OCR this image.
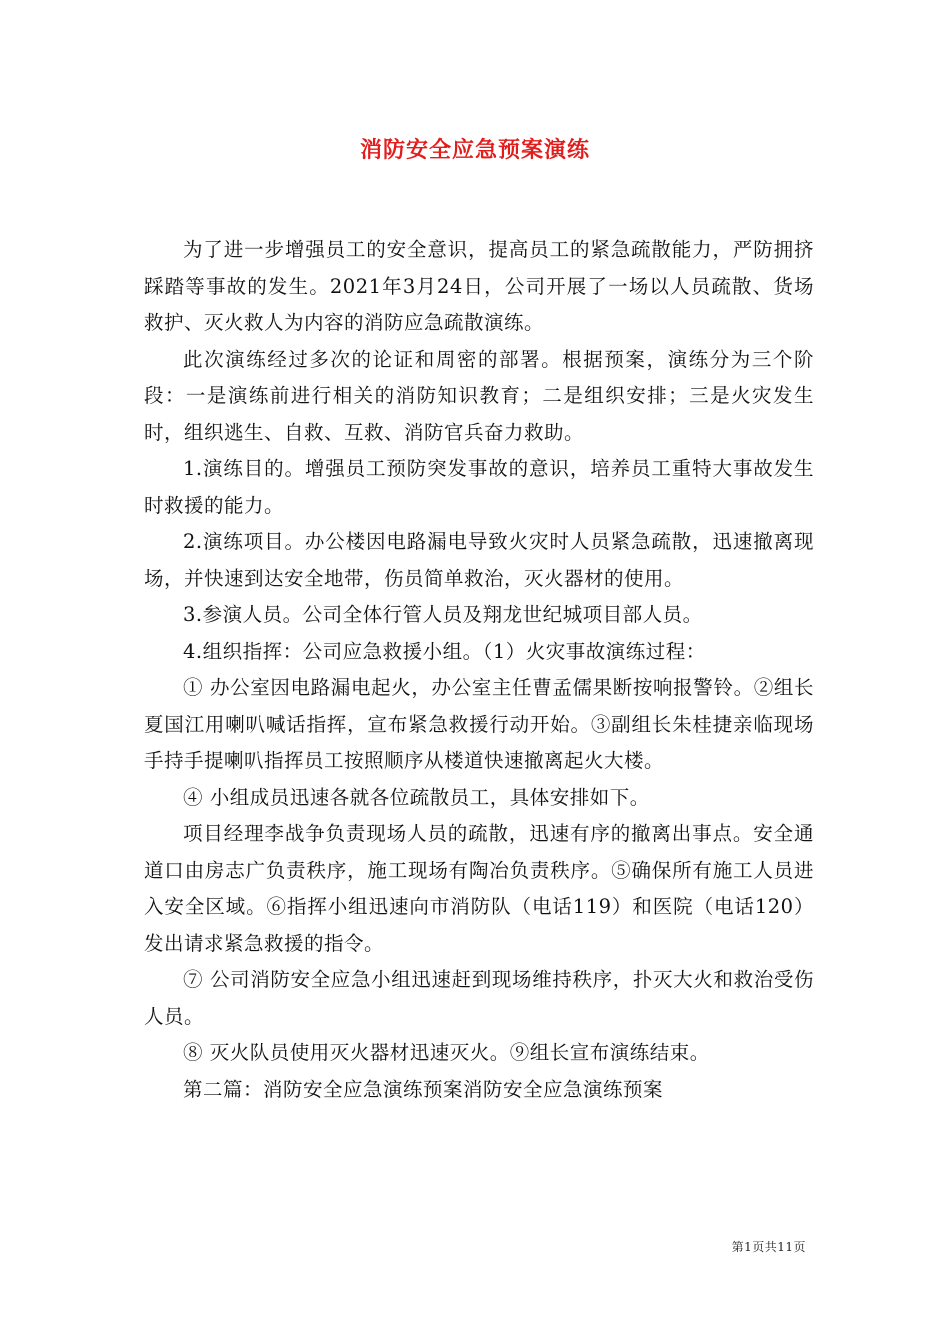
消防安全应急预案演练

为了进一步增强员工的安全意识，提高员工的紧急疏散能力，严防拥挤踩踏等事故的发生。2021年3月24日，公司开展了一场以人员疏散、货场救护、灭火救人为内容的消防应急疏散演练。

此次演练经过多次的论证和周密的部署。根据预案，演练分为三个阶段：一是演练前进行相关的消防知识教育；二是组织安排；三是火灾发生时，组织逃生、自救、互救、消防官兵奋力救助。

1.演练目的。增强员工预防突发事故的意识，培养员工重特大事故发生时救援的能力。

2.演练项目。办公楼因电路漏电导致火灾时人员紧急疏散，迅速撤离现场，并快速到达安全地带，伤员简单救治，灭火器材的使用。

3.参演人员。公司全体行管人员及翔龙世纪城项目部人员。

4.组织指挥：公司应急救援小组。（1）火灾事故演练过程：

① 办公室因电路漏电起火，办公室主任曹孟儒果断按响报警铃。②组长夏国江用喇叭喊话指挥，宣布紧急救援行动开始。③副组长朱桂捷亲临现场手持手提喇叭指挥员工按照顺序从楼道快速撤离起火大楼。

④ 小组成员迅速各就各位疏散员工，具体安排如下。

项目经理李战争负责现场人员的疏散，迅速有序的撤离出事点。安全通道口由房志广负责秩序，施工现场有陶冶负责秩序。⑤确保所有施工人员进入安全区域。⑥指挥小组迅速向市消防队（电话119）和医院（电话120）发出请求紧急救援的指令。

⑦ 公司消防安全应急小组迅速赶到现场维持秩序，扑灭大火和救治受伤人员。

⑧ 灭火队员使用灭火器材迅速灭火。⑨组长宣布演练结束。

第二篇：消防安全应急演练预案消防安全应急演练预案

第1页共11页
